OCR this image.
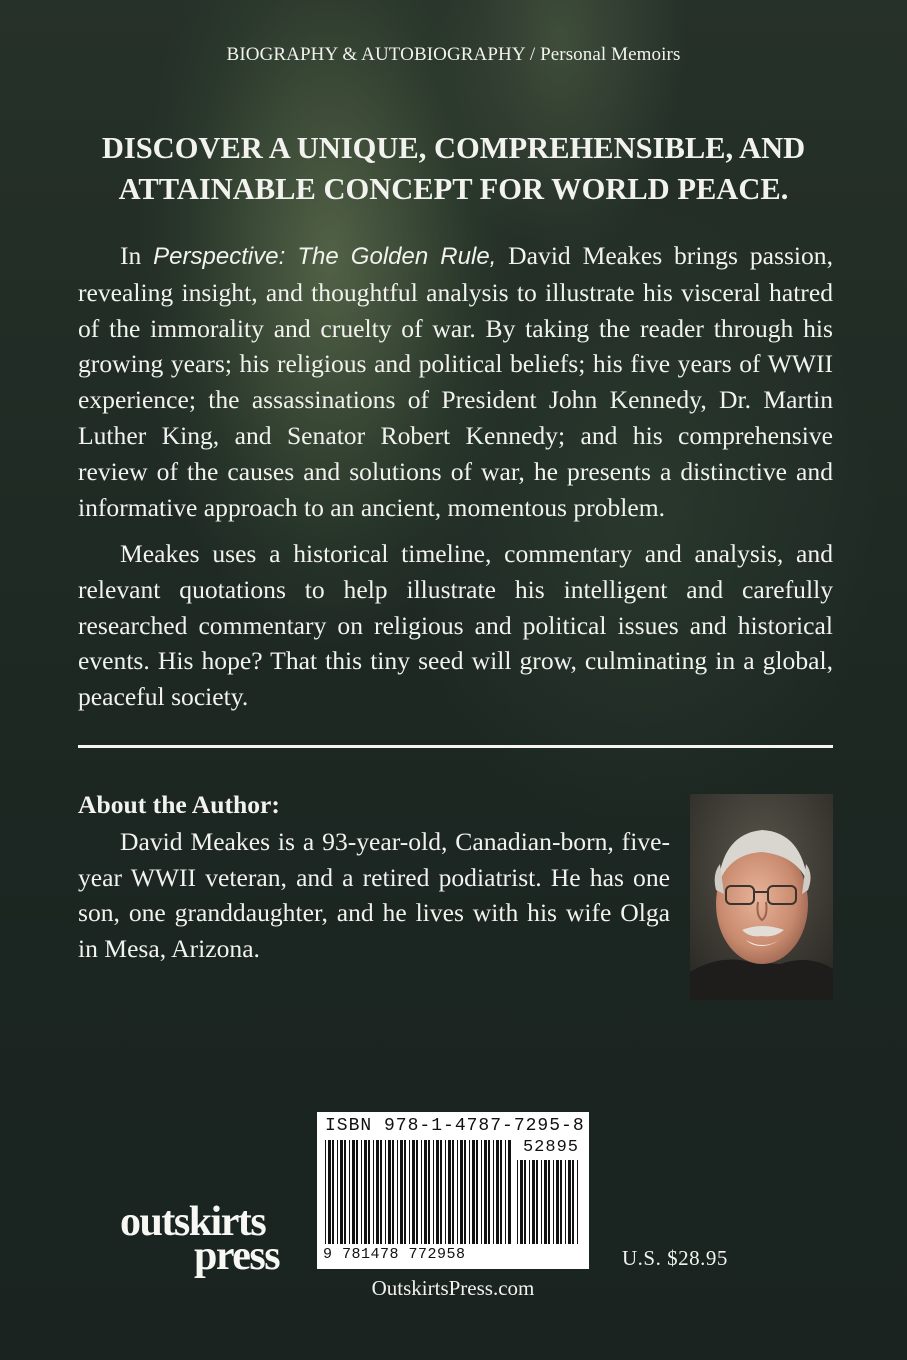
BIOGRAPHY & AUTOBIOGRAPHY / Personal Memoirs
DISCOVER A UNIQUE, COMPREHENSIBLE, AND
ATTAINABLE CONCEPT FOR WORLD PEACE.
In Perspective: The Golden Rule, David Meakes brings passion, revealing insight, and thoughtful analysis to illustrate his visceral hatred of the immorality and cruelty of war. By taking the reader through his growing years; his religious and political beliefs; his five years of WWII experience; the assassinations of President John Kennedy, Dr. Martin Luther King, and Senator Robert Kennedy; and his comprehensive review of the causes and solutions of war, he presents a distinctive and informative approach to an ancient, momentous problem.
Meakes uses a historical timeline, commentary and analysis, and relevant quotations to help illustrate his intelligent and carefully researched commentary on religious and political issues and historical events. His hope? That this tiny seed will grow, culminating in a global, peaceful society.
About the Author:
David Meakes is a 93-year-old, Canadian-born, five-year WWII veteran, and a retired podiatrist. He has one son, one granddaughter, and he lives with his wife Olga in Mesa, Arizona.
ISBN 978-1-4787-7295-8
52895
9 781478 772958
OutskirtsPress.com
outskirts
press	U.S. $28.95
